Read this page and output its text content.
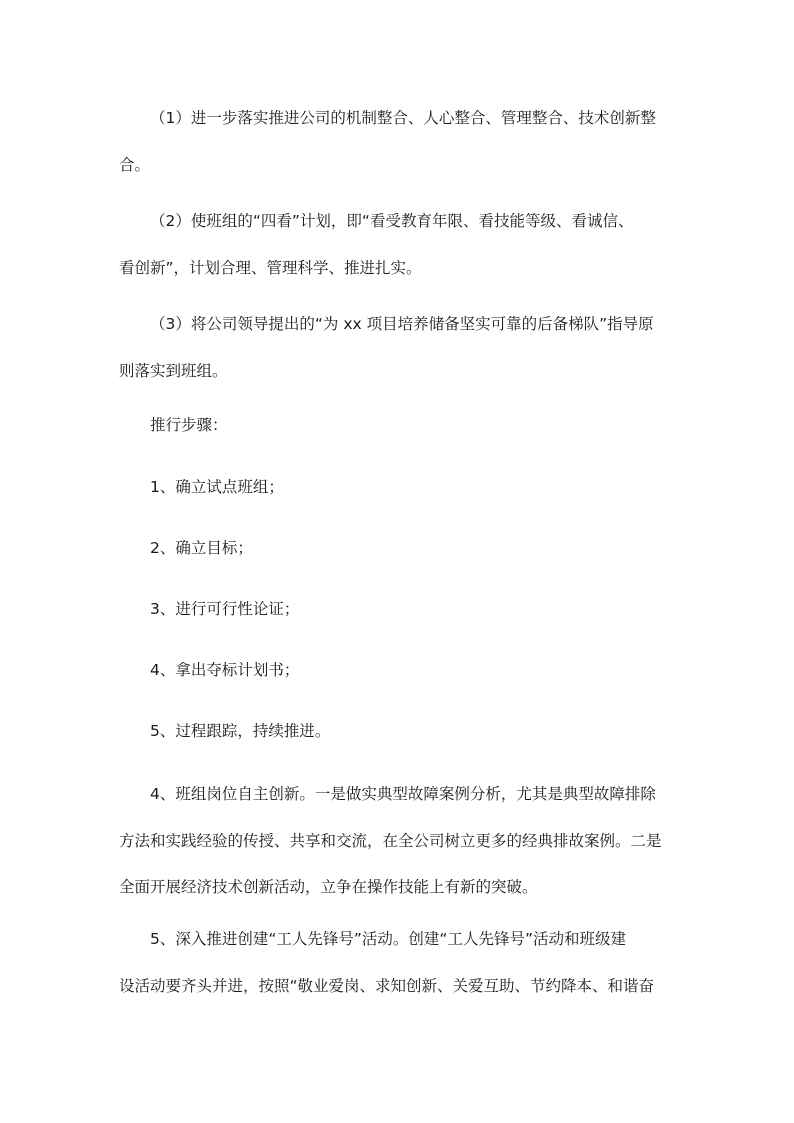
（1）进一步落实推进公司的机制整合、人心整合、管理整合、技术创新整
合。
（2）使班组的“四看”计划，即“看受教育年限、看技能等级、看诚信、
看创新”，计划合理、管理科学、推进扎实。
（3）将公司领导提出的“为 xx 项目培养储备坚实可靠的后备梯队”指导原
则落实到班组。
推行步骤：
1、确立试点班组；
2、确立目标；
3、进行可行性论证；
4、拿出夺标计划书；
5、过程跟踪，持续推进。
4、班组岗位自主创新。一是做实典型故障案例分析，尤其是典型故障排除
方法和实践经验的传授、共享和交流，在全公司树立更多的经典排故案例。二是
全面开展经济技术创新活动，立争在操作技能上有新的突破。
5、深入推进创建“工人先锋号”活动。创建“工人先锋号”活动和班级建
设活动要齐头并进，按照“敬业爱岗、求知创新、关爱互助、节约降本、和谐奋
